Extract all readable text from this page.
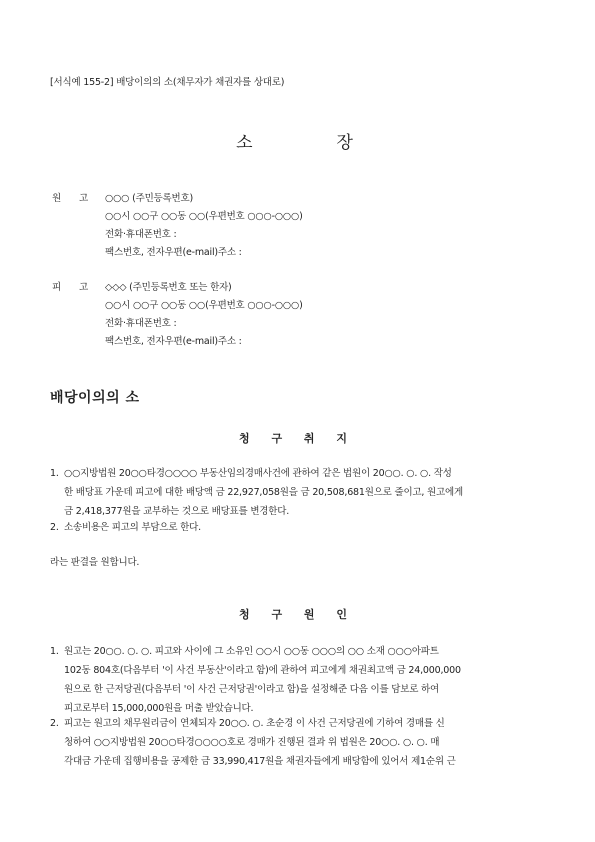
[서식예 155-2] 배당이의의 소(채무자가 채권자를 상대로)
소	장
원 고	○○○ (주민등록번호)
○○시 ○○구 ○○동 ○○(우편번호 ○○○-○○○)
전화·휴대폰번호 :
팩스번호, 전자우편(e-mail)주소 :
피 고	◇◇◇ (주민등록번호 또는 한자)
○○시 ○○구 ○○동 ○○(우편번호 ○○○-○○○)
전화·휴대폰번호 :
팩스번호, 전자우편(e-mail)주소 :
배당이의의 소
청 구 취 지
1. ○○지방법원 20○○타경○○○○ 부동산임의경매사건에 관하여 같은 법원이 20○○. ○. ○. 작성
한 배당표 가운데 피고에 대한 배당액 금 22,927,058원을 금 20,508,681원으로 줄이고, 원고에게
금 2,418,377원을 교부하는 것으로 배당표를 변경한다.
2. 소송비용은 피고의 부담으로 한다.
라는 판결을 원합니다.
청 구 원 인
1. 원고는 20○○. ○. ○. 피고와 사이에 그 소유인 ○○시 ○○동 ○○○의 ○○ 소재 ○○○아파트
102동 804호(다음부터 '이 사건 부동산'이라고 함)에 관하여 피고에게 채권최고액 금 24,000,000
원으로 한 근저당권(다음부터 '이 사건 근저당권'이라고 함)을 설정해준 다음 이를 담보로 하여
피고로부터 15,000,000원을 머출 받았습니다.
2. 피고는 원고의 채무원리금이 연체되자 20○○. ○. 초순경 이 사건 근저당권에 기하여 경매를 신
청하여 ○○지방법원 20○○타경○○○○호로 경매가 진행된 결과 위 법원은 20○○. ○. ○. 매
각대금 가운데 집행비용을 공제한 금 33,990,417원을 채권자들에게 배당함에 있어서 제1순위 근
